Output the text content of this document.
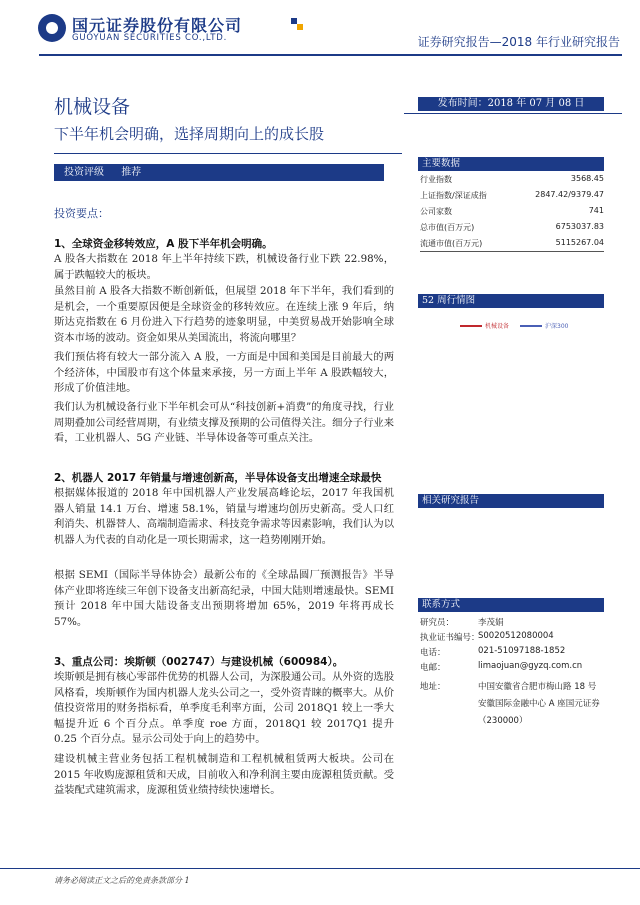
国元证券股份有限公司
GUOYUAN SECURITIES CO.,LTD.	证券研究报告—2018 年行业研究报告
机械设备
下半年机会明确，选择周期向上的成长股
投资评级 推荐
投资要点：
发布时间：2018 年 07 月 08 日
主要数据
行业指数	3568.45
上证指数/深证成指	2847.42/9379.47
公司家数	741
总市值(百万元)	6753037.83
流通市值(百万元)	5115267.04
52 周行情图
机械设备	沪深300
相关研究报告
联系方式
研究员：	李茂娟
执业证书编号：
S0020512080004
电话：	021-51097188-1852
电邮：	limaojuan@gyzq.com.cn
地址：	中国安徽省合肥市梅山路 18 号
安徽国际金融中心 A 座国元证券
（230000）
1、全球资金移转效应，A 股下半年机会明确。
A 股各大指数在 2018 年上半年持续下跌，机械设备行业下跌 22.98%，属于跌幅较大的板块。
虽然目前 A 股各大指数不断创新低，但展望 2018 年下半年，我们看到的是机会，一个重要原因便是全球资金的移转效应。在连续上涨 9 年后，纳斯达克指数在 6 月份进入下行趋势的迹象明显，中美贸易战开始影响全球资本市场的波动。资金如果从美国流出，将流向哪里？
我们预估将有较大一部分流入 A 股，一方面是中国和美国是目前最大的两个经济体，中国股市有这个体量来承接，另一方面上半年 A 股跌幅较大，形成了价值洼地。
我们认为机械设备行业下半年机会可从“科技创新+消费”的角度寻找，行业周期叠加公司经营周期，有业绩支撑及预期的公司值得关注。细分子行业来看，工业机器人、5G 产业链、半导体设备等可重点关注。
2、机器人 2017 年销量与增速创新高，半导体设备支出增速全球最快
根据媒体报道的 2018 年中国机器人产业发展高峰论坛，2017 年我国机器人销量 14.1 万台、增速 58.1%，销量与增速均创历史新高。受人口红利消失、机器替人、高端制造需求、科技竞争需求等因素影响，我们认为以机器人为代表的自动化是一项长期需求，这一趋势刚刚开始。
根据 SEMI（国际半导体协会）最新公布的《全球晶圆厂预测报告》半导体产业即将连续三年创下设备支出新高纪录，中国大陆则增速最快。SEMI 预计 2018 年中国大陆设备支出预期将增加 65%，2019 年将再成长 57%。
3、重点公司：埃斯顿（002747）与建设机械（600984）。
埃斯顿是拥有核心零部件优势的机器人公司，为深股通公司。从外资的选股风格看，埃斯顿作为国内机器人龙头公司之一，受外资青睐的概率大。从价值投资常用的财务指标看，单季度毛利率方面，公司 2018Q1 较上一季大幅提升近 6 个百分点。单季度 roe 方面，2018Q1 较 2017Q1 提升 0.25 个百分点。显示公司处于向上的趋势中。
建设机械主营业务包括工程机械制造和工程机械租赁两大板块。公司在 2015 年收购庞源租赁和天成，目前收入和净利润主要由庞源租赁贡献。受益装配式建筑需求，庞源租赁业绩持续快速增长。
请务必阅读正文之后的免责条款部分 1
